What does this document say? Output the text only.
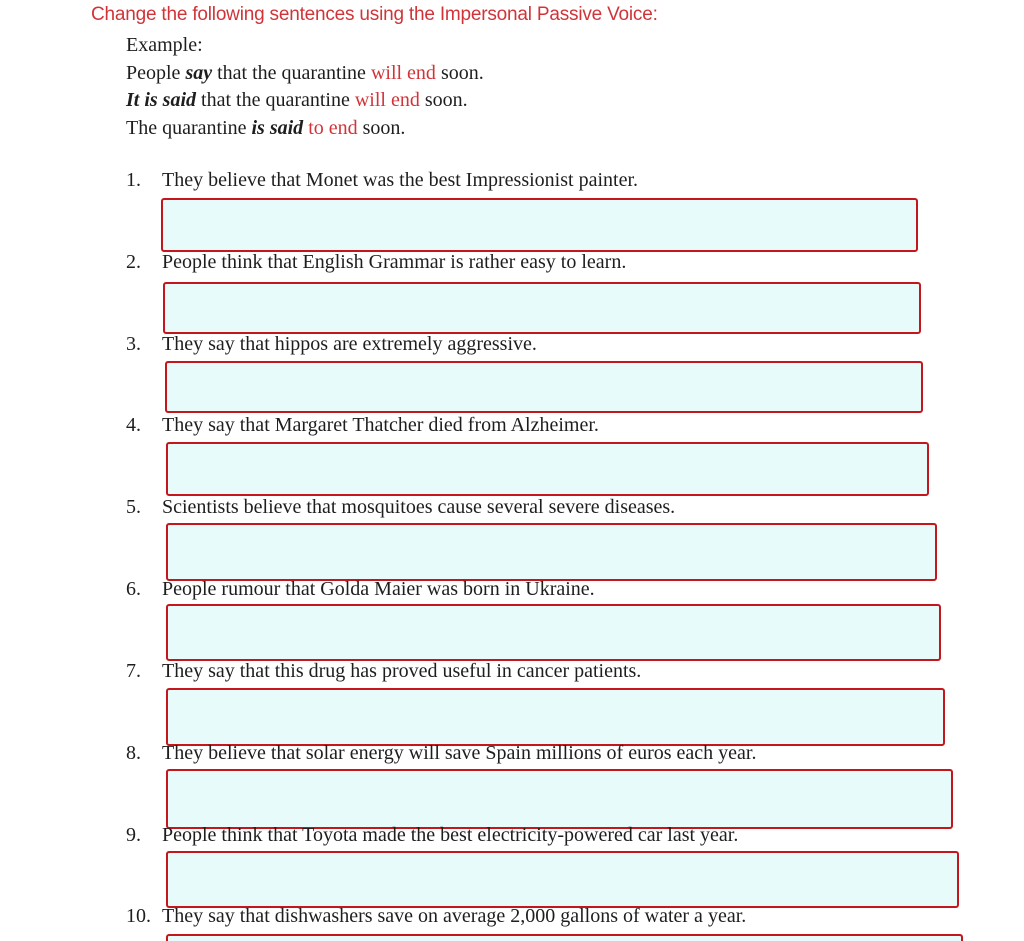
Change the following sentences using the Impersonal Passive Voice:
Example:
People say that the quarantine will end soon.
It is said that the quarantine will end soon.
The quarantine is said to end soon.
1. They believe that Monet was the best Impressionist painter.
2. People think that English Grammar is rather easy to learn.
3. They say that hippos are extremely aggressive.
4. They say that Margaret Thatcher died from Alzheimer.
5. Scientists believe that mosquitoes cause several severe diseases.
6. People rumour that Golda Maier was born in Ukraine.
7. They say that this drug has proved useful in cancer patients.
8. They believe that solar energy will save Spain millions of euros each year.
9. People think that Toyota made the best electricity-powered car last year.
10. They say that dishwashers save on average 2,000 gallons of water a year.
